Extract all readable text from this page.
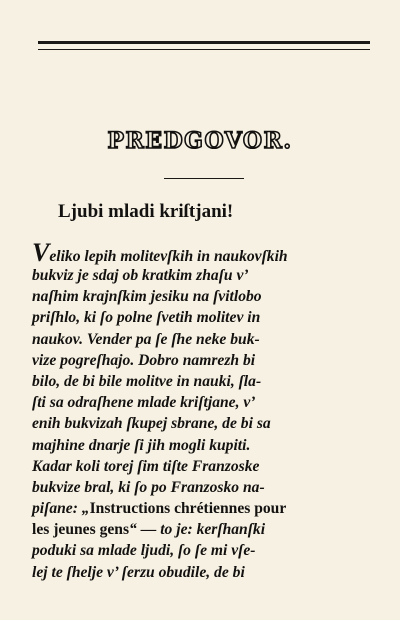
PREDGOVOR.
Ljubi mladi kriſtjani!
Veliko lepih molitevſkih in naukovſkih
bukviz je sdaj ob kratkim zhaſu v’
naſhim krajnſkim jesiku na ſvitlobo
priſhlo, ki ſo polne ſvetih molitev in
naukov. Vender pa ſe ſhe neke buk-
vize pogreſhajo. Dobro namrezh bi
bilo, de bi bile molitve in nauki, ſla-
ſti sa odraſhene mlade kriſtjane, v’
enih bukvizah ſkupej sbrane, de bi sa
majhine dnarje ſi jih mogli kupiti.
Kadar koli torej ſim tiſte Franzoske
bukvize bral, ki ſo po Franzosko na-
piſane: „Instructions chrétiennes pour
les jeunes gens“ — to je: kerſhanſki
poduki sa mlade ljudi, ſo ſe mi vſe-
lej te ſhelje v’ ſerzu obudile, de bi
